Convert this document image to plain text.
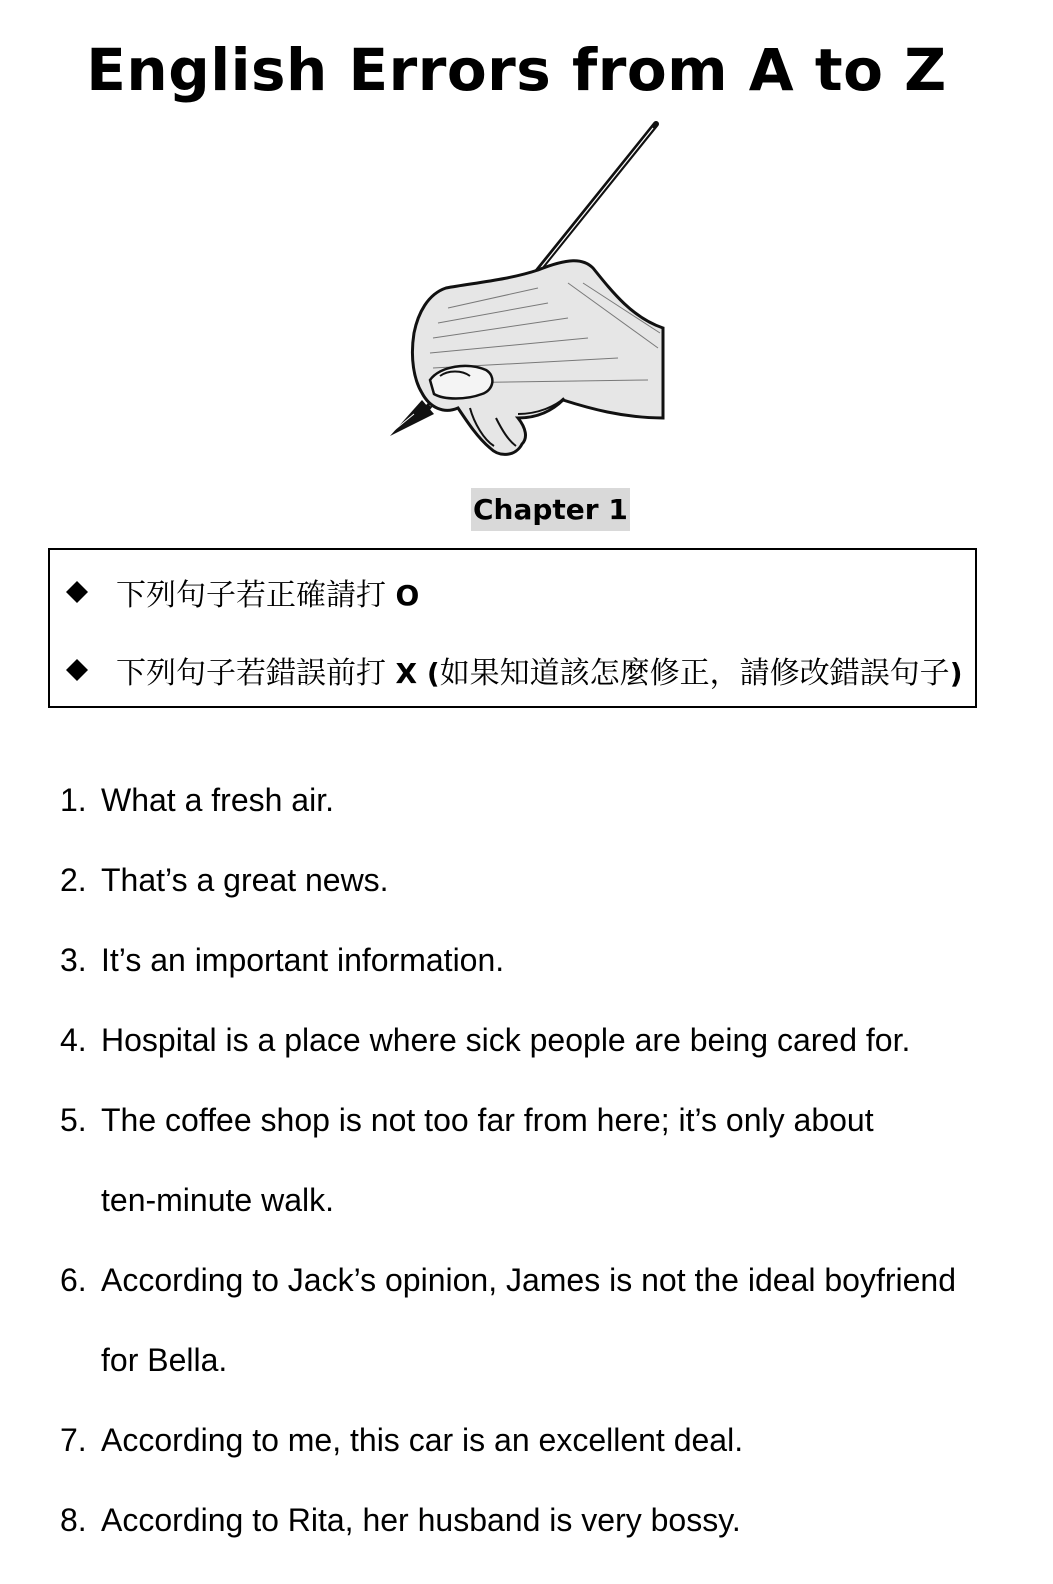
English Errors from A to Z
Chapter 1
下列句子若正確請打 O
下列句子若錯誤前打 X (如果知道該怎麼修正，請修改錯誤句子)
1. What a fresh air.
2. That’s a great news.
3. It’s an important information.
4. Hospital is a place where sick people are being cared for.
5. The coffee shop is not too far from here; it’s only about
ten-minute walk.
6. According to Jack’s opinion, James is not the ideal boyfriend
for Bella.
7. According to me, this car is an excellent deal.
8. According to Rita, her husband is very bossy.
